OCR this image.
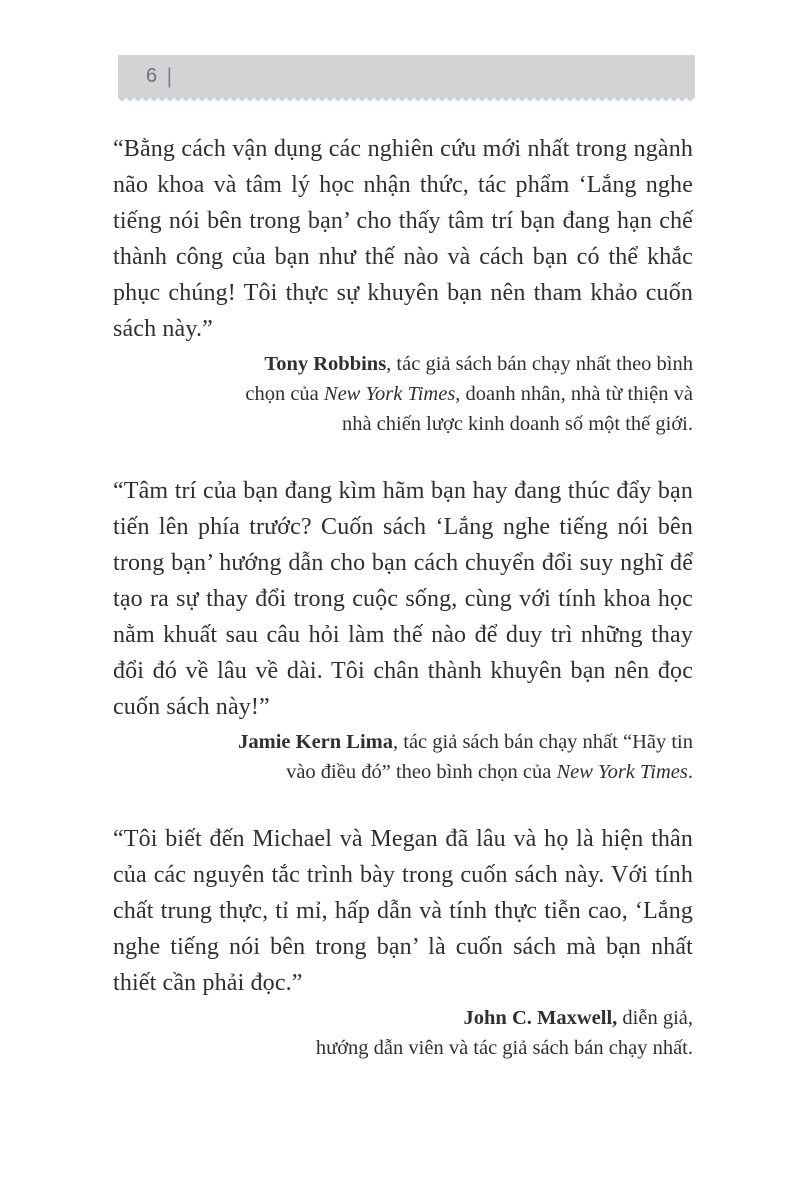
6 |

“Bằng cách vận dụng các nghiên cứu mới nhất trong ngành não khoa và tâm lý học nhận thức, tác phẩm ‘Lắng nghe tiếng nói bên trong bạn’ cho thấy tâm trí bạn đang hạn chế thành công của bạn như thế nào và cách bạn có thể khắc phục chúng! Tôi thực sự khuyên bạn nên tham khảo cuốn sách này.”

Tony Robbins, tác giả sách bán chạy nhất theo bình
chọn của New York Times, doanh nhân, nhà từ thiện và
nhà chiến lược kinh doanh số một thế giới.

“Tâm trí của bạn đang kìm hãm bạn hay đang thúc đẩy bạn tiến lên phía trước? Cuốn sách ‘Lắng nghe tiếng nói bên trong bạn’ hướng dẫn cho bạn cách chuyển đổi suy nghĩ để tạo ra sự thay đổi trong cuộc sống, cùng với tính khoa học nằm khuất sau câu hỏi làm thế nào để duy trì những thay đổi đó về lâu về dài. Tôi chân thành khuyên bạn nên đọc cuốn sách này!”

Jamie Kern Lima, tác giả sách bán chạy nhất “Hãy tin
vào điều đó” theo bình chọn của New York Times.

“Tôi biết đến Michael và Megan đã lâu và họ là hiện thân của các nguyên tắc trình bày trong cuốn sách này. Với tính chất trung thực, tỉ mỉ, hấp dẫn và tính thực tiễn cao, ‘Lắng nghe tiếng nói bên trong bạn’ là cuốn sách mà bạn nhất thiết cần phải đọc.”

John C. Maxwell, diễn giả,
hướng dẫn viên và tác giả sách bán chạy nhất.
